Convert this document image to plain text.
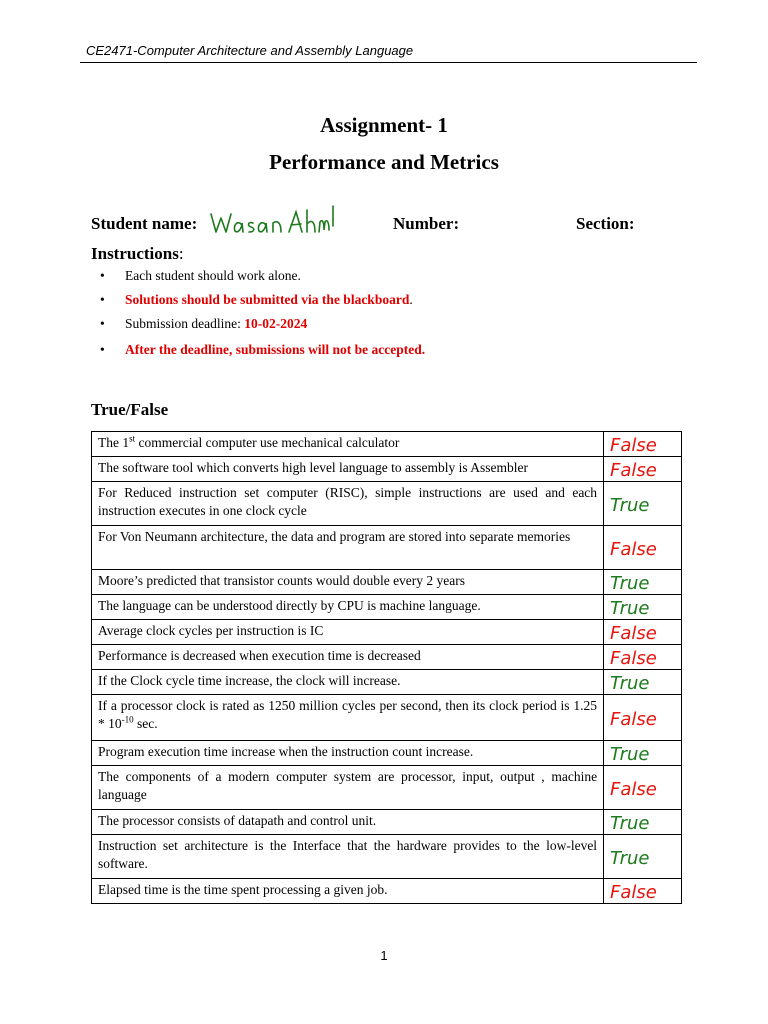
CE2471-Computer Architecture and Assembly Language
Assignment- 1
Performance and Metrics
Student name:	Number:	Section:
Instructions:
• Each student should work alone.
• Solutions should be submitted via the blackboard.
• Submission deadline: 10-02-2024
• After the deadline, submissions will not be accepted.
True/False
The 1st commercial computer use mechanical calculator	False

The software tool which converts high level language to assembly is Assembler	False

For Reduced instruction set computer (RISC), simple instructions are used and each instruction executes in one clock cycle	True

For Von Neumann architecture, the data and program are stored into separate memories	False

Moore’s predicted that transistor counts would double every 2 years	True

The language can be understood directly by CPU is machine language.	True

Average clock cycles per instruction is IC	False

Performance is decreased when execution time is decreased	False

If the Clock cycle time increase, the clock will increase.	True

If a processor clock is rated as 1250 million cycles per second, then its clock period is $1.25 * 10^{-10}$ sec.	False

Program execution time increase when the instruction count increase.	True

The components of a modern computer system are processor, input, output , machine language	False

The processor consists of datapath and control unit.	True

Instruction set architecture is the Interface that the hardware provides to the low-level software.	True

Elapsed time is the time spent processing a given job.	False
1
